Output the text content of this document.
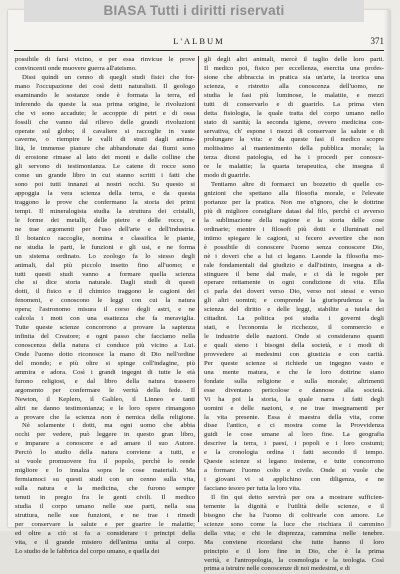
L'ALBUM	371
possibile di farsi vicino, e per essa rinvicue le prove
convincenti onde muovere guerra all'ateismo.
Dissi quindi un cenno di quegli studi fisici che for-
mano l'occupazione dei così detti naturalisti. Il geologo
esaminando le sostanze onde è formata la terra, ed
inferendo da queste la sua prima origine, le rivoluzioni
che vi sono accadute; le accoppie di petri e di ossa
fossili che vanno dal rilievo delle grandi rivoluzioni
operate sul globo; il cavaliere si raccoglie in vaste
caverne, o riempire le valli di strati dagli anima-
lità, le immense pianure che abbandonate dai fiumi sono
di erosione rimase al lato dei monti e dalle colline che
gli servono di testimonianza. Le catene di rocce sono
come un grande libro in cui stanno scritti i fatti che
sono poi tutti innanzi ai nostri occhi. Su questo si
appoggia la vera scienza della terra, e da questa
traggono le prove che confermano la storia dei primi
tempi. Il mineralogista studia la struttura dei cristalli,
le forme dei metalli, delle pietre e delle rocce, e
ne trae argomenti per l'uso dell'arte e dell'industria.
Il botanico raccoglie, nomina e classifica le piante,
ne studia le parti, le funzioni e gli usi, e ne forma
un sistema ordinato. Lo zoologo fa lo stesso degli
animali, dal più piccolo insetto fino all'uomo; e
tutti questi studi vanno a formare quella scienza
che si dice storia naturale. Dagli studi di questi
dotti, il fisico e il chimico traggono le cagioni dei
fenomeni, e conoscono le leggi con cui la natura
opera; l'astronomo misura il corso degli astri, e ne
calcola i moti con una esattezza che fa meraviglia.
Tutte queste scienze concorrono a provare la sapienza
infinita del Creatore; e ogni passo che facciamo nella
conoscenza della natura ci conduce più vicino a Lui.
Onde l'uomo dotto riconosce la mano di Dio nell'ordine
del mondo; e più oltre si spinge coll'indagine, più
ammira e adora. Così i grandi ingegni di tutte le età
furono religiosi, e dal libro della natura trassero
argomento per confermare le verità della fede. Il
Newton, il Keplero, il Galileo, il Linneo e tanti
altri ne danno testimonianza; e le loro opere rimangono
a provare che la scienza non è nemica della religione.
Nè solamente i dotti, ma ogni uomo che abbia
occhi per vedere, può leggere in questo gran libro,
e imparare a conoscere e ad amare il suo Autore.
Perciò lo studio della natura conviene a tutti, e
si vuole promuovere fra il popolo, perchè lo rende
migliore e lo innalza sopra le cose materiali. Ma
fermiamoci su questi studi con un cenno sulla vita,
sulla natura e la medicina, che furono sempre
tenuti in pregio fra le genti civili. Il medico
studia il corpo umano nelle sue parti, nella sua
struttura, nelle sue funzioni, e ne trae i rimedi
per conservare la salute e per guarire le malattie;
ed oltre a ciò si fa a considerare i principi della
vita, e il grande mistero dell'anima unita al corpo.
Lo studio de le fabbrica del corpo umano, e quella dei
gli degli altri animali, mercè il taglio delle loro parti.
Il medico poi, fisico per eccellenza, esercita una profes-
sione che abbraccia in pratica sia un'arte, la teorica una
scienza, e ristretto alla conoscenza dell'uomo, ne
studia le fasi più luminose, le malattie, e mezzi
tutti di conservarlo e di guarirlo. La prima vien
detta fisiologia, la quale tratta del corpo umano nello
stato di sanità; la seconda igiene, ovvero medicina con-
servativa, ch' espone i mezzi di conservare la salute e di
prolungare la vita: e da queste fasi il medico scopre
moltissimo al mantenimento della pubblica morale; la
terza dicesi patologia, ed ha i procedi per conosce-
re le malattie; la quarta terapeutica, che insegna il
modo di guarirle.
Tentiamo altre di formarci un bozzetto di quelle co-
gnizioni che spettano alla filosofia morale, e l'elevate
portanze per la pratica. Non me n'ignoro, che le dottrine
più di migliore consigliare datasi dal filo, perchè ci avverso
la sublimazione della ragione e la storia delle cose
ordinarie; mentre i filosofi più dotti e illuminati nel
intimo spiegare le cagioni, si fecero avvertire che non
è possibile di conoscere l'uomo senza conoscere Dio,
nè i doveri che a lui ci legano. Laonde la filosofia mo-
rale fondamentali dal giudizio e dall'istinto, insegna a di-
stinguere il bene dal male, e ci dà le regole per
operare rettamente in ogni condizione di vita. Ella
ci parla dei doveri verso Dio, verso noi stessi e verso
gli altri uomini; e comprende la giurisprudenza e la
scienza del diritto e delle leggi, stabilite a tutela dei
cittadini. La politica poi studia i governi degli
stati, e l'economia le ricchezze, il commercio e
le industrie delle nazioni. Onde si considerano quanti
e quali sieno i bisogni della società, e i modi di
provvedere ai medesimi con giustizia e con carità.
Per queste scienze si richiede un ingegno vasto e
una mente matura, e che le loro dottrine siano
fondate sulla religione e sulla morale; altrimenti
esse diventano pericolose e dannose alla società.
Vi ha poi la storia, la quale narra i fatti degli
uomini e delle nazioni, e ne trae insegnamenti per
la vita presente. Essa è maestra della vita, come
disse l'antico, e ci mostra come la Provvidenza
guidi le cose umane al loro fine. La geografia
descrive la terra, i paesi, i popoli e i loro costumi;
e la cronologia ordina i fatti secondo il tempo.
Queste scienze si legano insieme, e tutte concorrono
a formare l'uomo colto e civile. Onde si vuole che
i giovani vi si applichino con diligenza, e ne
facciano tesoro per tutta la loro vita.
Il fin qui detto servirà per ora a mostrare sufficien-
temente la dignità e l'utilità delle scienze, e il
bisogno che ha l'uomo di coltivarle con amore. Le
scienze sono come la luce che rischiara il cammino
della vita; e chi le disprezza, cammina nelle tenebre.
Ma conviene ricordarsi che tutte hanno il loro
principio e il loro fine in Dio, che è la prima
verità, e l'antropologia, la cosmologia e la teologia. Così
prima a istruire nelle conoscenze di noi medesimi, e di
BIASA Tutti i diritti riservati
